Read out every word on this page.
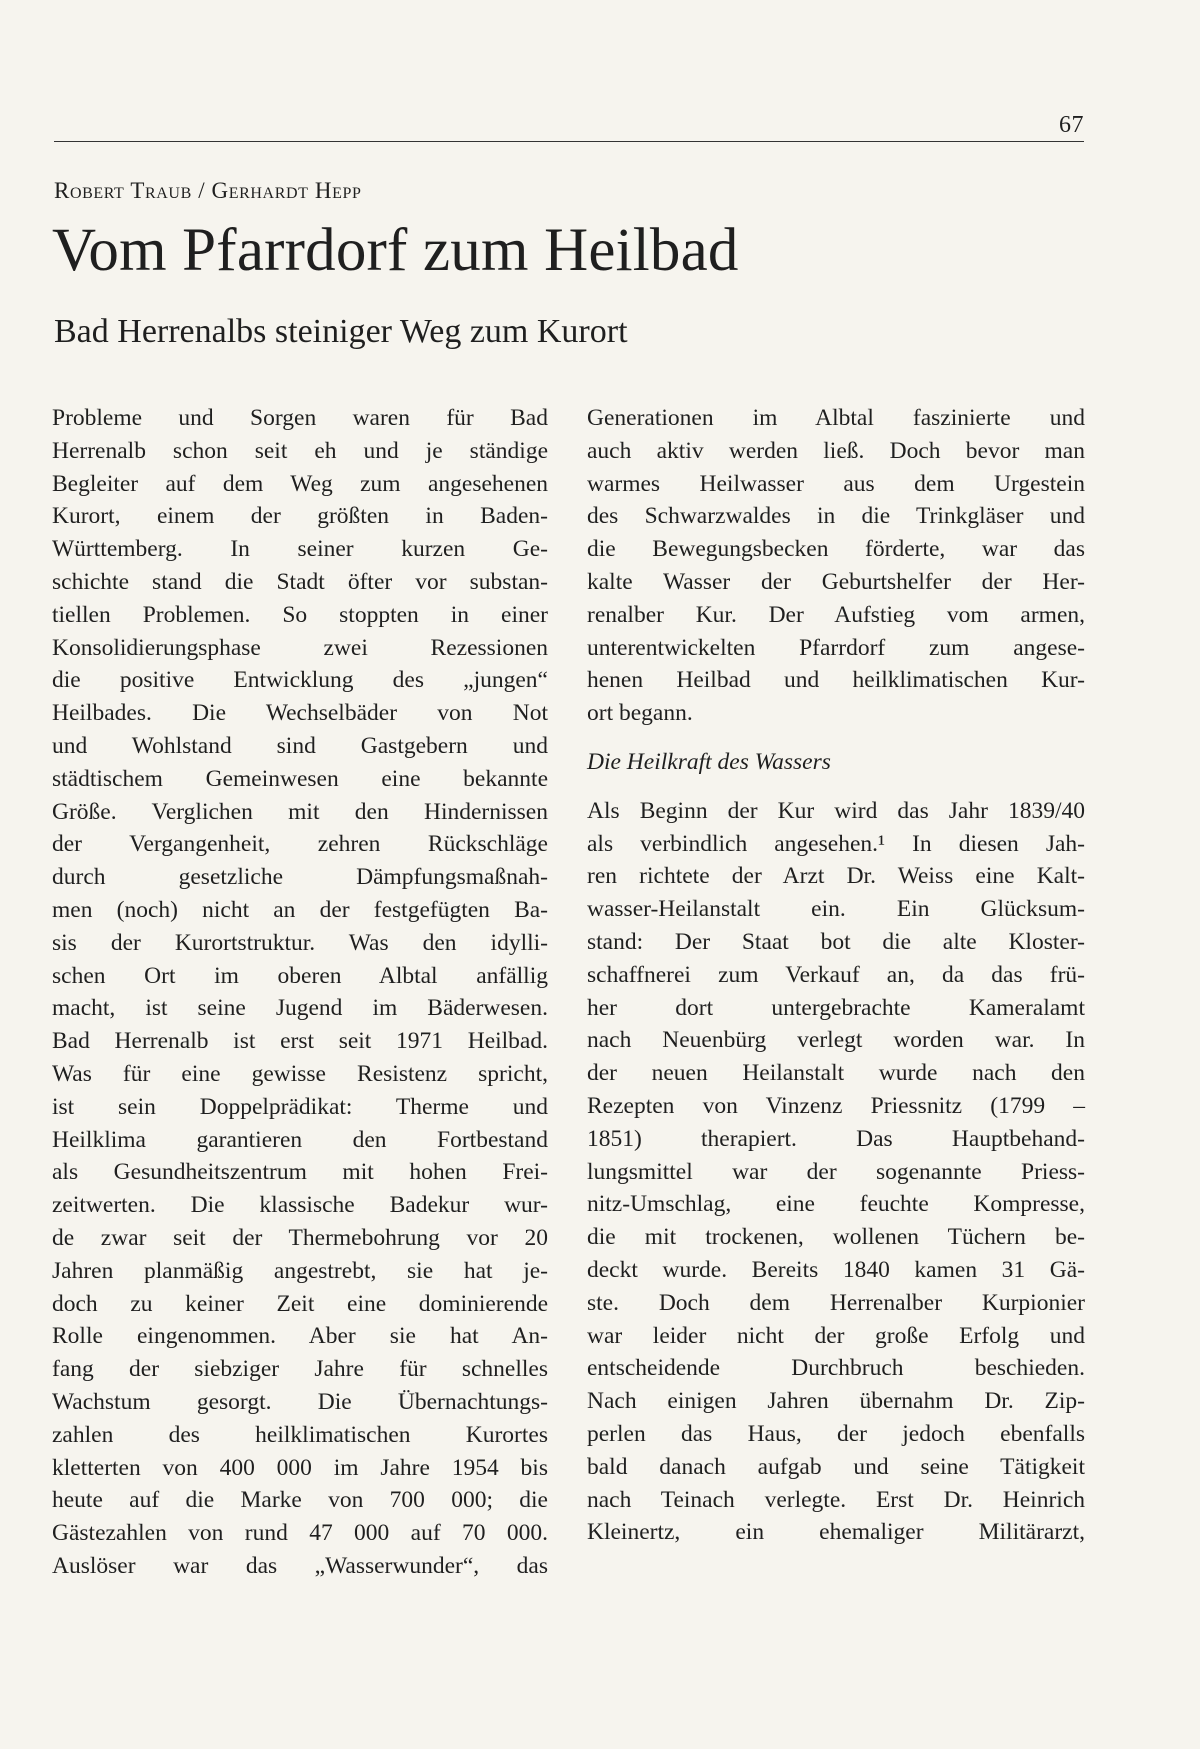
67
Robert Traub / Gerhardt Hepp
Vom Pfarrdorf zum Heilbad
Bad Herrenalbs steiniger Weg zum Kurort
Probleme und Sorgen waren für Bad
Herrenalb schon seit eh und je ständige
Begleiter auf dem Weg zum angesehenen
Kurort, einem der größten in Baden-
Württemberg. In seiner kurzen Ge-
schichte stand die Stadt öfter vor substan-
tiellen Problemen. So stoppten in einer
Konsolidierungsphase zwei Rezessionen
die positive Entwicklung des „jungen“
Heilbades. Die Wechselbäder von Not
und Wohlstand sind Gastgebern und
städtischem Gemeinwesen eine bekannte
Größe. Verglichen mit den Hindernissen
der Vergangenheit, zehren Rückschläge
durch gesetzliche Dämpfungsmaßnah-
men (noch) nicht an der festgefügten Ba-
sis der Kurortstruktur. Was den idylli-
schen Ort im oberen Albtal anfällig
macht, ist seine Jugend im Bäderwesen.
Bad Herrenalb ist erst seit 1971 Heilbad.
Was für eine gewisse Resistenz spricht,
ist sein Doppelprädikat: Therme und
Heilklima garantieren den Fortbestand
als Gesundheitszentrum mit hohen Frei-
zeitwerten. Die klassische Badekur wur-
de zwar seit der Thermebohrung vor 20
Jahren planmäßig angestrebt, sie hat je-
doch zu keiner Zeit eine dominierende
Rolle eingenommen. Aber sie hat An-
fang der siebziger Jahre für schnelles
Wachstum gesorgt. Die Übernachtungs-
zahlen des heilklimatischen Kurortes
kletterten von 400 000 im Jahre 1954 bis
heute auf die Marke von 700 000; die
Gästezahlen von rund 47 000 auf 70 000.
Auslöser war das „Wasserwunder“, das
Generationen im Albtal faszinierte und
auch aktiv werden ließ. Doch bevor man
warmes Heilwasser aus dem Urgestein
des Schwarzwaldes in die Trinkgläser und
die Bewegungsbecken förderte, war das
kalte Wasser der Geburtshelfer der Her-
renalber Kur. Der Aufstieg vom armen,
unterentwickelten Pfarrdorf zum angese-
henen Heilbad und heilklimatischen Kur-
ort begann.
Die Heilkraft des Wassers
Als Beginn der Kur wird das Jahr 1839/40
als verbindlich angesehen.¹ In diesen Jah-
ren richtete der Arzt Dr. Weiss eine Kalt-
wasser-Heilanstalt ein. Ein Glücksum-
stand: Der Staat bot die alte Kloster-
schaffnerei zum Verkauf an, da das frü-
her dort untergebrachte Kameralamt
nach Neuenbürg verlegt worden war. In
der neuen Heilanstalt wurde nach den
Rezepten von Vinzenz Priessnitz (1799 –
1851) therapiert. Das Hauptbehand-
lungsmittel war der sogenannte Priess-
nitz-Umschlag, eine feuchte Kompresse,
die mit trockenen, wollenen Tüchern be-
deckt wurde. Bereits 1840 kamen 31 Gä-
ste. Doch dem Herrenalber Kurpionier
war leider nicht der große Erfolg und
entscheidende Durchbruch beschieden.
Nach einigen Jahren übernahm Dr. Zip-
perlen das Haus, der jedoch ebenfalls
bald danach aufgab und seine Tätigkeit
nach Teinach verlegte. Erst Dr. Heinrich
Kleinertz, ein ehemaliger Militärarzt,
